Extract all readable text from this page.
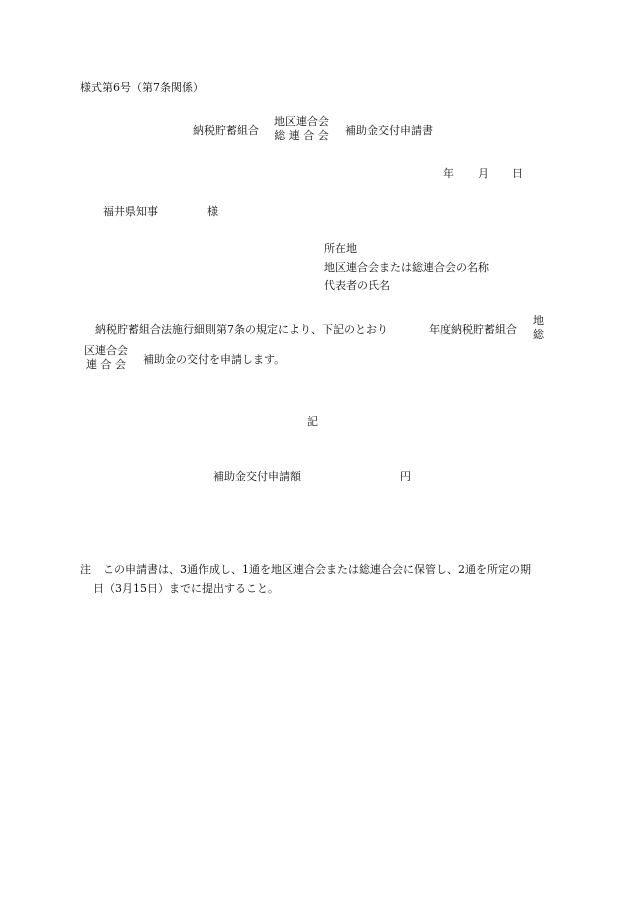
様式第6号（第7条関係）
納税貯蓄組合
地区連合会
総 連 合 会 補助金交付申請書
年 月 日
福井県知事	様
所在地
地区連合会または総連合会の名称
代表者の氏名
納税貯蓄組合法施行細則第7条の規定により、下記のとおり	年度納税貯蓄組合
地
総
区連合会
連 合 会 補助金の交付を申請します。
記
補助金交付申請額	円
注 この申請書は、3通作成し、1通を地区連合会または総連合会に保管し、2通を所定の期
日（3月15日）までに提出すること。
